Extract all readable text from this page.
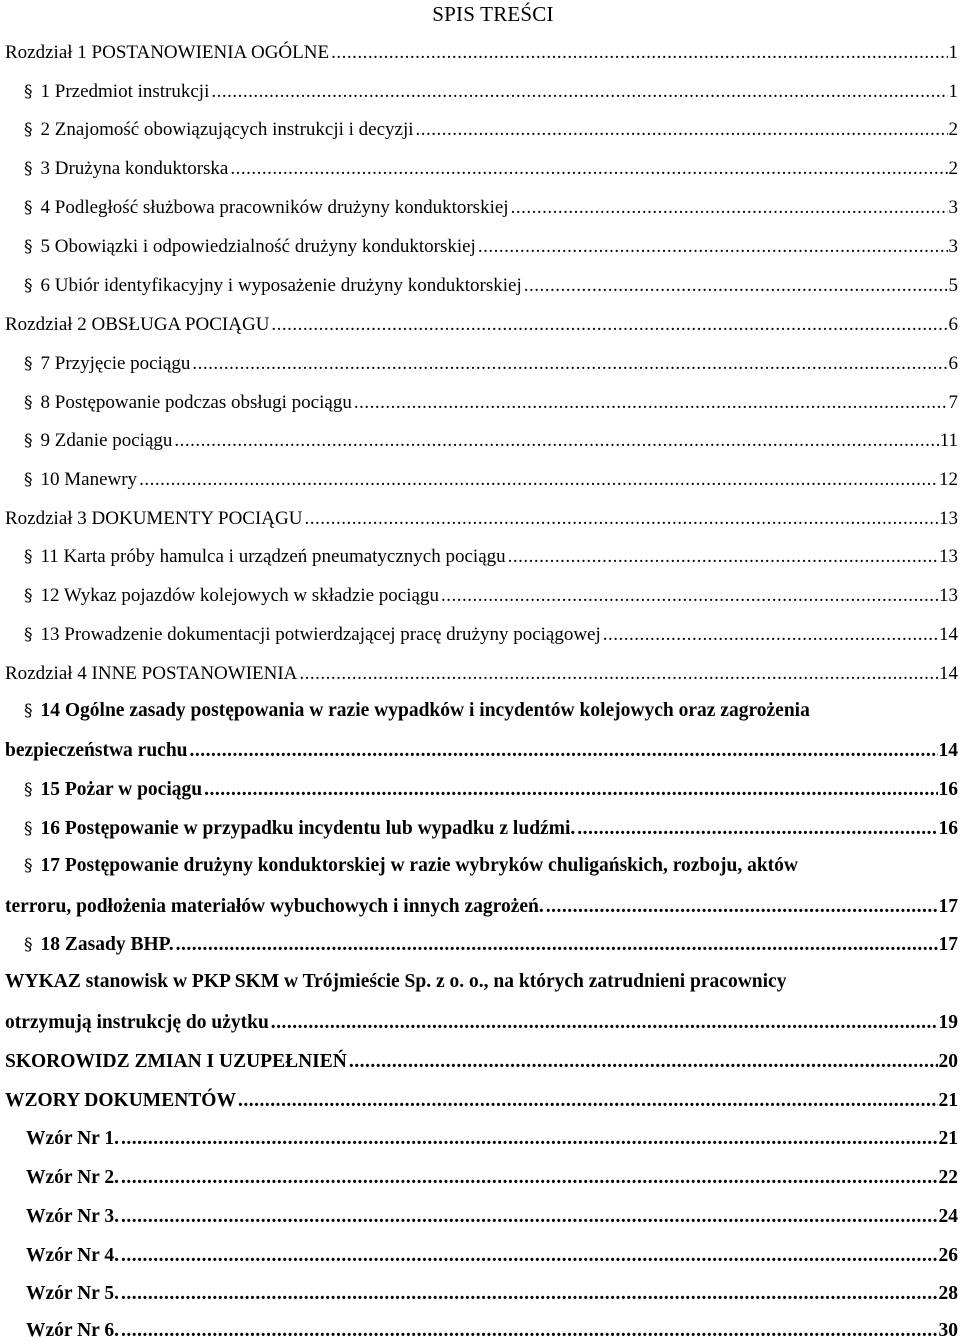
SPIS TREŚCI
Rozdział 1 POSTANOWIENIA OGÓLNE .....	1
§ 1 Przedmiot instrukcji .....	1
§ 2 Znajomość obowiązujących instrukcji i decyzji .....	2
§ 3 Drużyna konduktorska .....	2
§ 4 Podległość służbowa pracowników drużyny konduktorskiej .....	3
§ 5 Obowiązki i odpowiedzialność drużyny konduktorskiej .....	3
§ 6 Ubiór identyfikacyjny i wyposażenie drużyny konduktorskiej .....	5
Rozdział 2 OBSŁUGA POCIĄGU .....	6
§ 7 Przyjęcie pociągu .....	6
§ 8 Postępowanie podczas obsługi pociągu .....	7
§ 9 Zdanie pociągu .....	11
§ 10 Manewry .....	12
Rozdział 3 DOKUMENTY POCIĄGU .....	13
§ 11 Karta próby hamulca i urządzeń pneumatycznych pociągu .....	13
§ 12 Wykaz pojazdów kolejowych w składzie pociągu .....	13
§ 13 Prowadzenie dokumentacji potwierdzającej pracę drużyny pociągowej .....	14
Rozdział 4 INNE POSTANOWIENIA .....	14
§ 14 Ogólne zasady postępowania w razie wypadków i incydentów kolejowych oraz zagrożenia
bezpieczeństwa ruchu .....	14
§ 15 Pożar w pociągu .....	16
§ 16 Postępowanie w przypadku incydentu lub wypadku z ludźmi. .....	16
§ 17 Postępowanie drużyny konduktorskiej w razie wybryków chuligańskich, rozboju, aktów
terroru, podłożenia materiałów wybuchowych i innych zagrożeń. .....	17
§ 18 Zasady BHP. .....	17
WYKAZ stanowisk w PKP SKM w Trójmieście Sp. z o. o., na których zatrudnieni pracownicy
otrzymują instrukcję do użytku .....	19
SKOROWIDZ ZMIAN I UZUPEŁNIEŃ .....	20
WZORY DOKUMENTÓW .....	21
Wzór Nr 1. .....	21
Wzór Nr 2. .....	22
Wzór Nr 3. .....	24
Wzór Nr 4. .....	26
Wzór Nr 5. .....	28
Wzór Nr 6. .....	30
